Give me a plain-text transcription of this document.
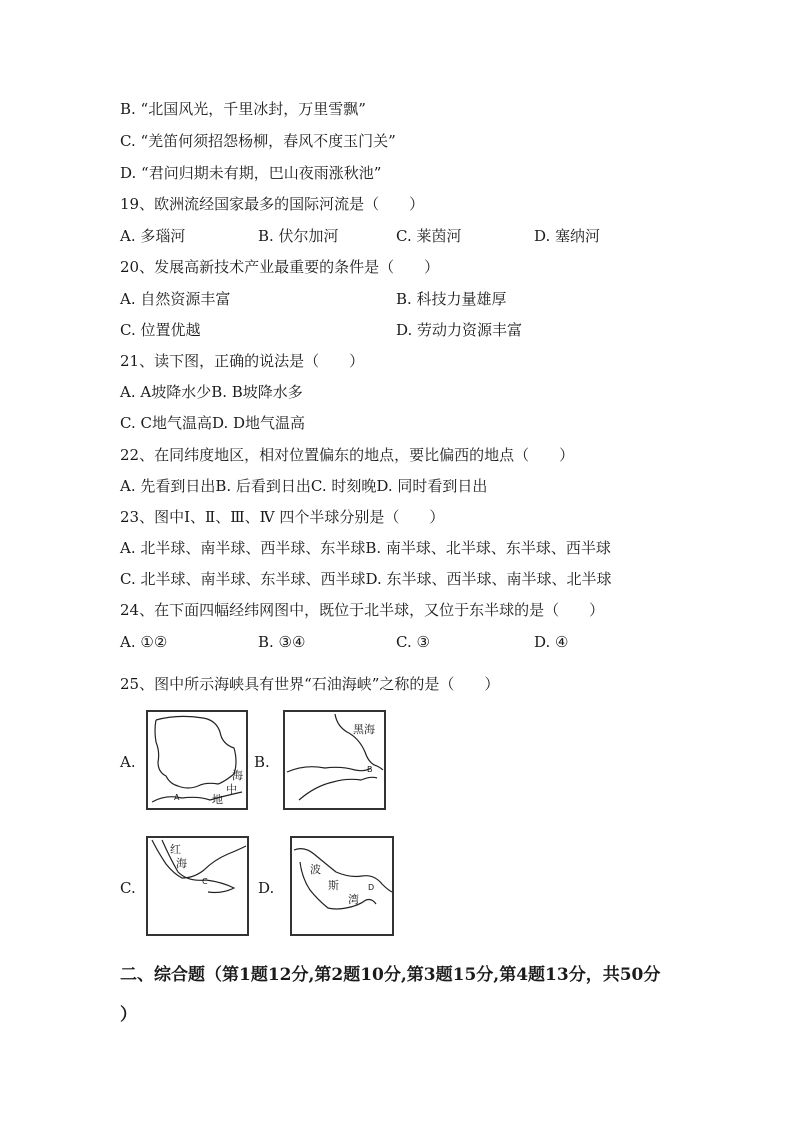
B. “北国风光，千里冰封，万里雪飘”
C. “羌笛何须招怨杨柳，春风不度玉门关”
D. “君问归期未有期，巴山夜雨涨秋池”
19、欧洲流经国家最多的国际河流是（　　）
A. 多瑙河	B. 伏尔加河	C. 莱茵河	D. 塞纳河
20、发展高新技术产业最重要的条件是（　　）
A. 自然资源丰富	B. 科技力量雄厚
C. 位置优越	D. 劳动力资源丰富
21、读下图，正确的说法是（　　）
A. A坡降水少B. B坡降水多
C. C地气温高D. D地气温高
22、在同纬度地区，相对位置偏东的地点，要比偏西的地点（　　）
A. 先看到日出B. 后看到日出C. 时刻晚D. 同时看到日出
23、图中Ⅰ、Ⅱ、Ⅲ、Ⅳ 四个半球分别是（　　）
A. 北半球、南半球、西半球、东半球B. 南半球、北半球、东半球、西半球
C. 北半球、南半球、东半球、西半球D. 东半球、西半球、南半球、北半球
24、在下面四幅经纬网图中，既位于北半球，又位于东半球的是（　　）
A. ①②	B. ③④	C. ③	D. ④
25、图中所示海峡具有世界“石油海峡”之称的是（　　）
A.
海
中
地
A
B.
黑海
B
C.
红
海
C	D.
波
斯
湾
D
二、综合题（第1题12分,第2题10分,第3题15分,第4题13分，共50分
）
